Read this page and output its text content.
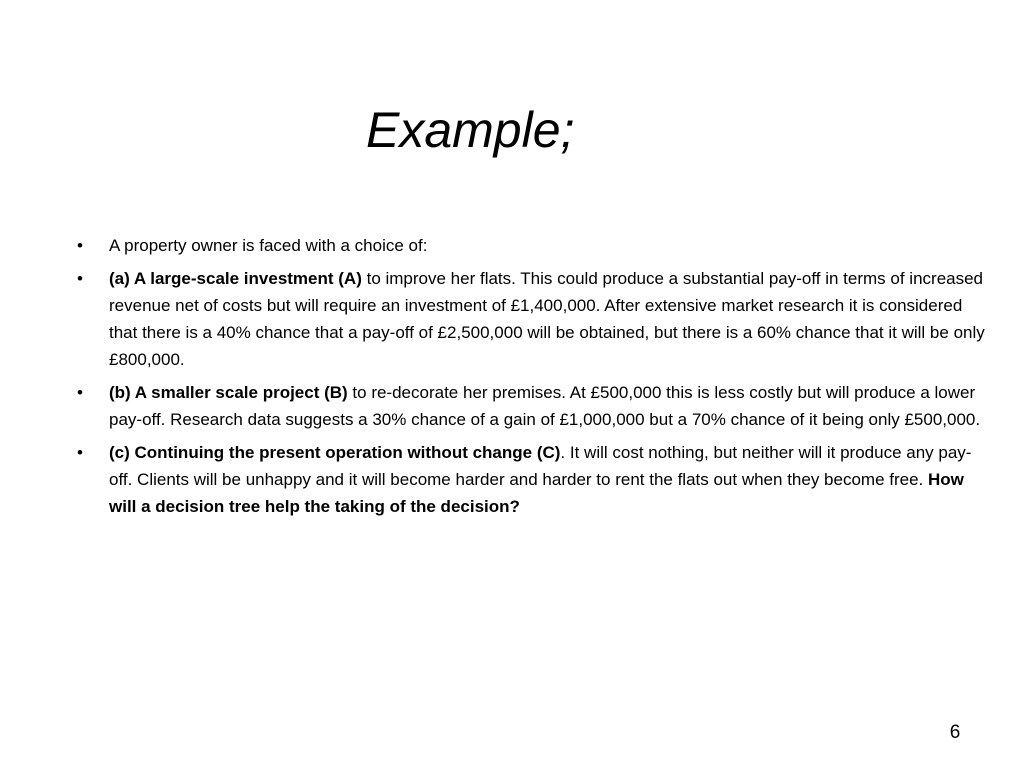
Example;
• A property owner is faced with a choice of:
• (a) A large-scale investment (A) to improve her flats. This could produce a substantial pay-off in terms of increased revenue net of costs but will require an investment of £1,400,000. After extensive market research it is considered that there is a 40% chance that a pay-off of £2,500,000 will be obtained, but there is a 60% chance that it will be only £800,000.
• (b) A smaller scale project (B) to re-decorate her premises. At £500,000 this is less costly but will produce a lower pay-off. Research data suggests a 30% chance of a gain of £1,000,000 but a 70% chance of it being only £500,000.
• (c) Continuing the present operation without change (C). It will cost nothing, but neither will it produce any pay-off. Clients will be unhappy and it will become harder and harder to rent the flats out when they become free. How will a decision tree help the taking of the decision?
6
